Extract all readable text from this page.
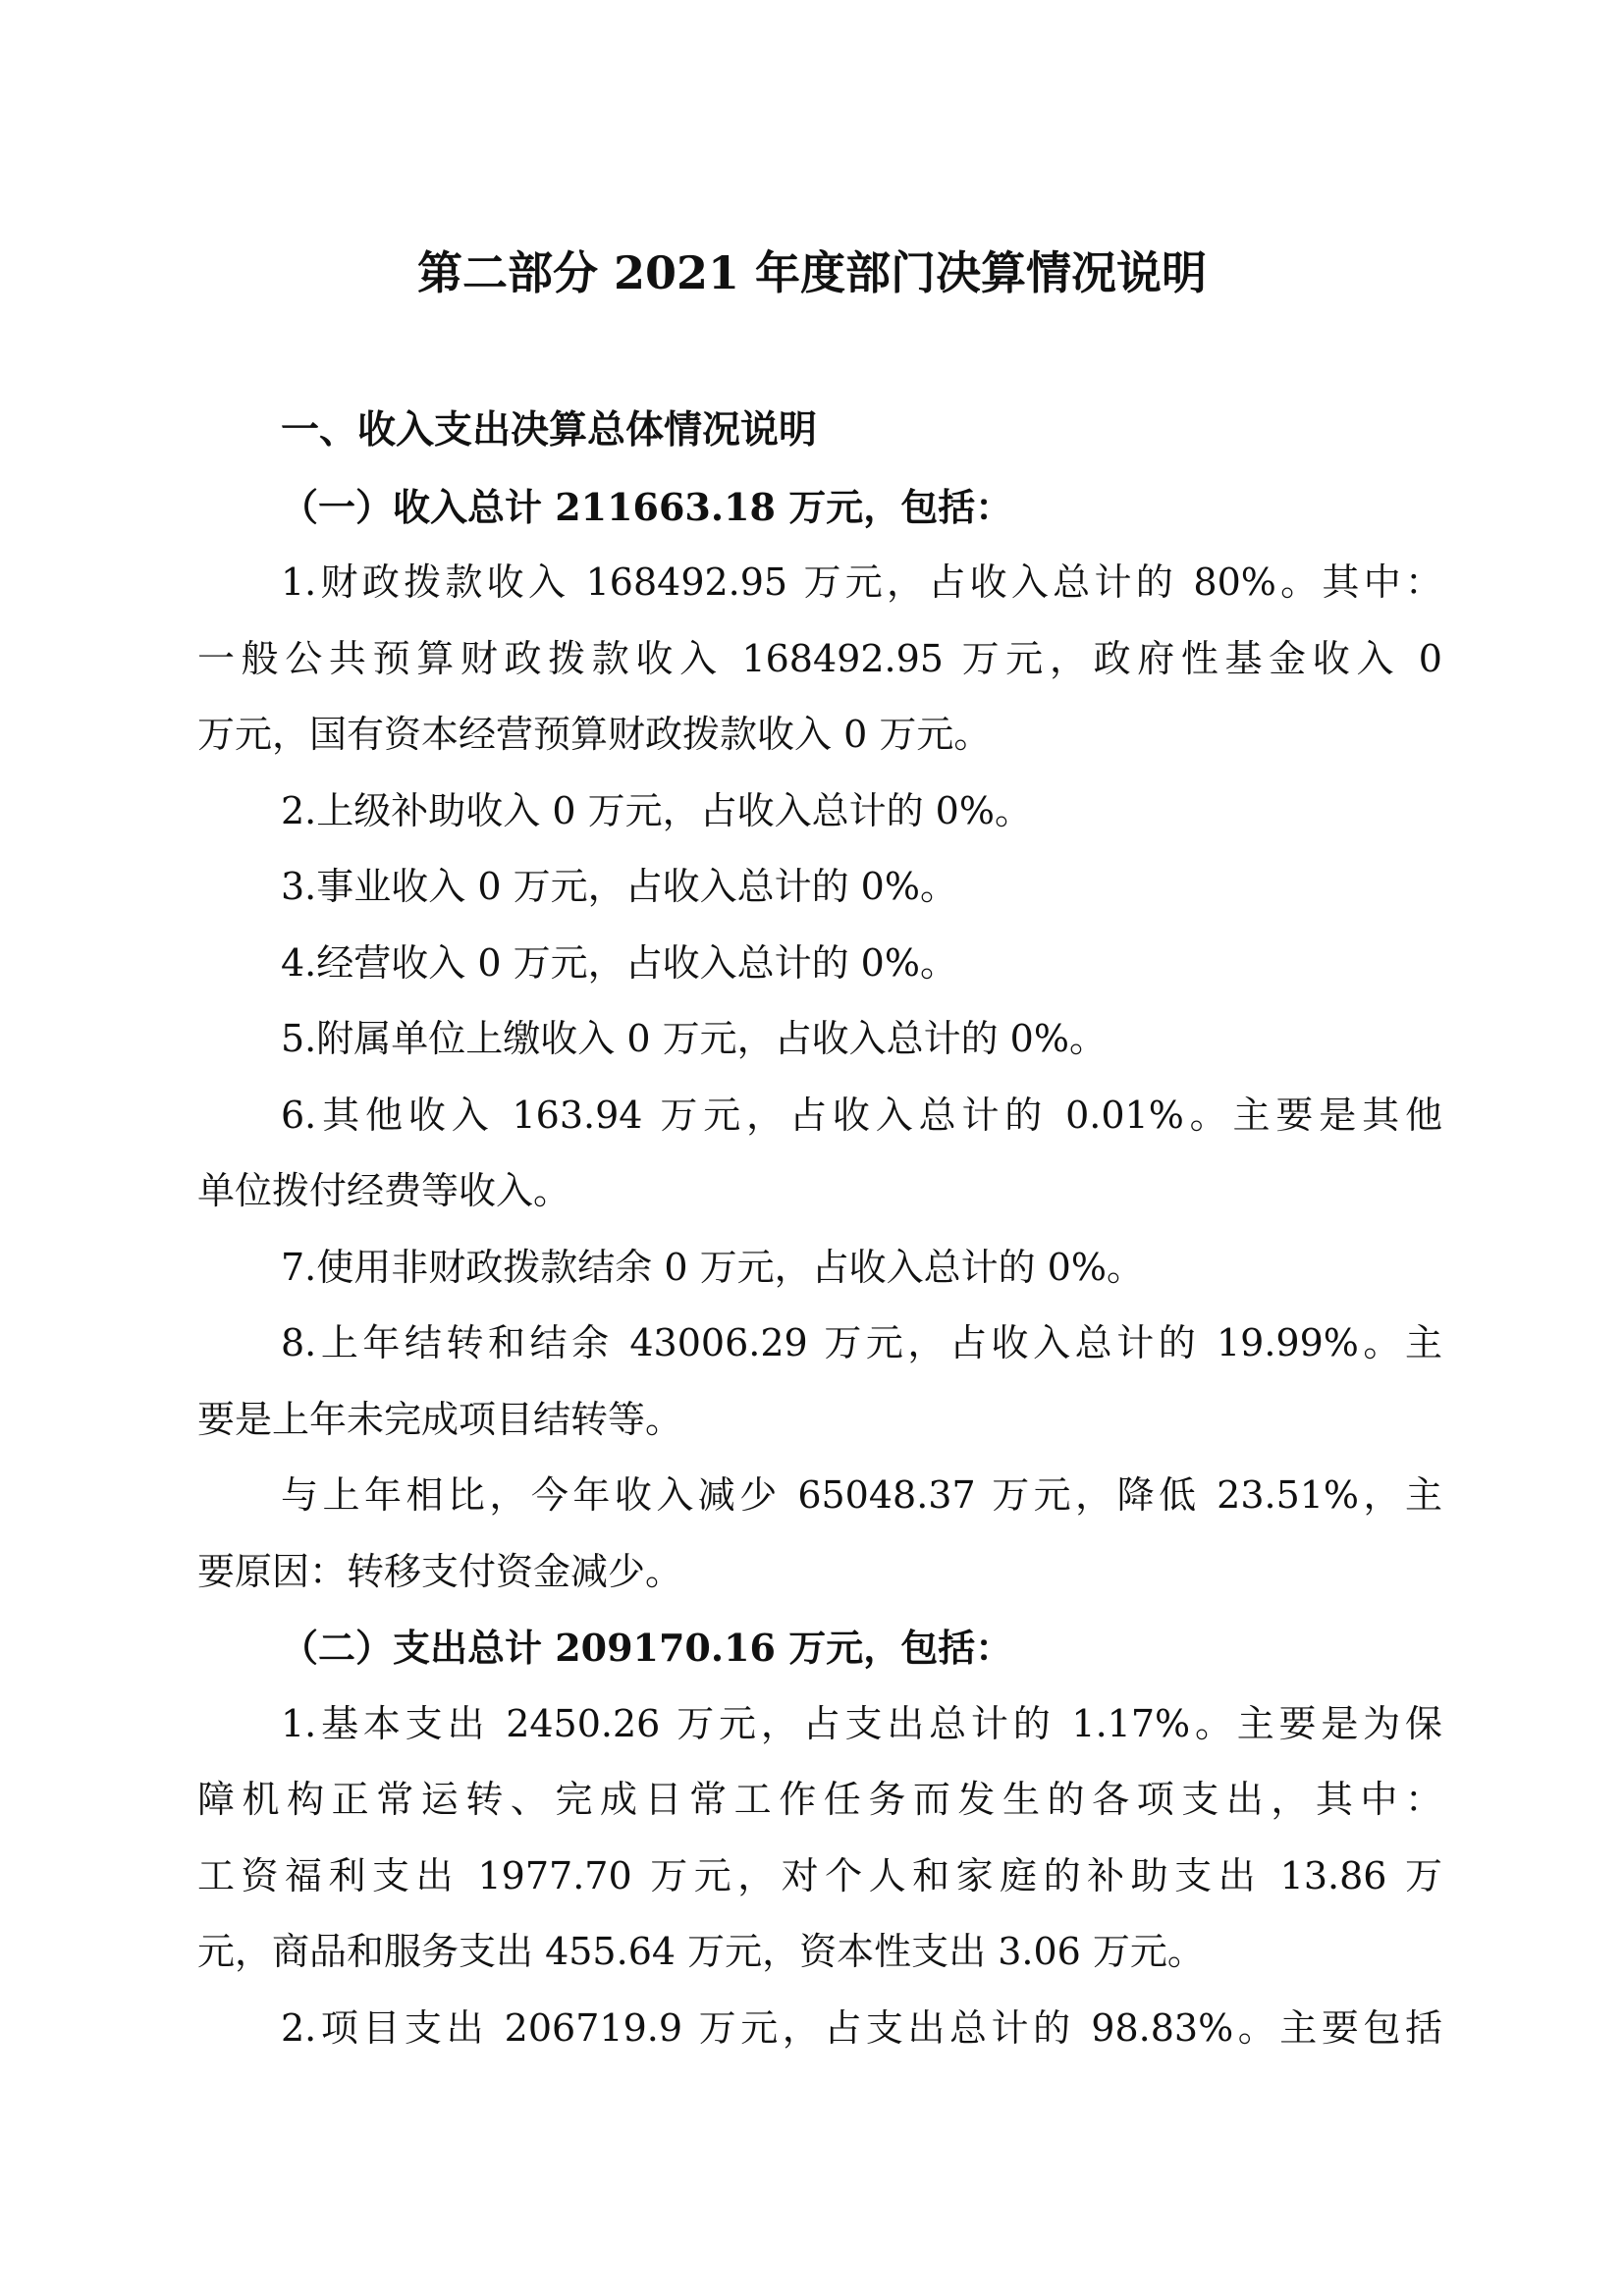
第二部分 2021 年度部门决算情况说明
一、收入支出决算总体情况说明
（一）收入总计 211663.18 万元，包括：
1.财政拨款收入 168492.95 万元，占收入总计的 80%。其中：
一般公共预算财政拨款收入 168492.95 万元，政府性基金收入 0
万元，国有资本经营预算财政拨款收入 0 万元。
2.上级补助收入 0 万元，占收入总计的 0%。
3.事业收入 0 万元，占收入总计的 0%。
4.经营收入 0 万元，占收入总计的 0%。
5.附属单位上缴收入 0 万元，占收入总计的 0%。
6.其他收入 163.94 万元，占收入总计的 0.01%。主要是其他
单位拨付经费等收入。
7.使用非财政拨款结余 0 万元，占收入总计的 0%。
8.上年结转和结余 43006.29 万元，占收入总计的 19.99%。主
要是上年未完成项目结转等。
与上年相比，今年收入减少 65048.37 万元，降低 23.51%，主
要原因：转移支付资金减少。
（二）支出总计 209170.16 万元，包括：
1.基本支出 2450.26 万元，占支出总计的 1.17%。主要是为保
障机构正常运转、完成日常工作任务而发生的各项支出，其中：
工资福利支出 1977.70 万元，对个人和家庭的补助支出 13.86 万
元，商品和服务支出 455.64 万元，资本性支出 3.06 万元。
2.项目支出 206719.9 万元，占支出总计的 98.83%。主要包括
